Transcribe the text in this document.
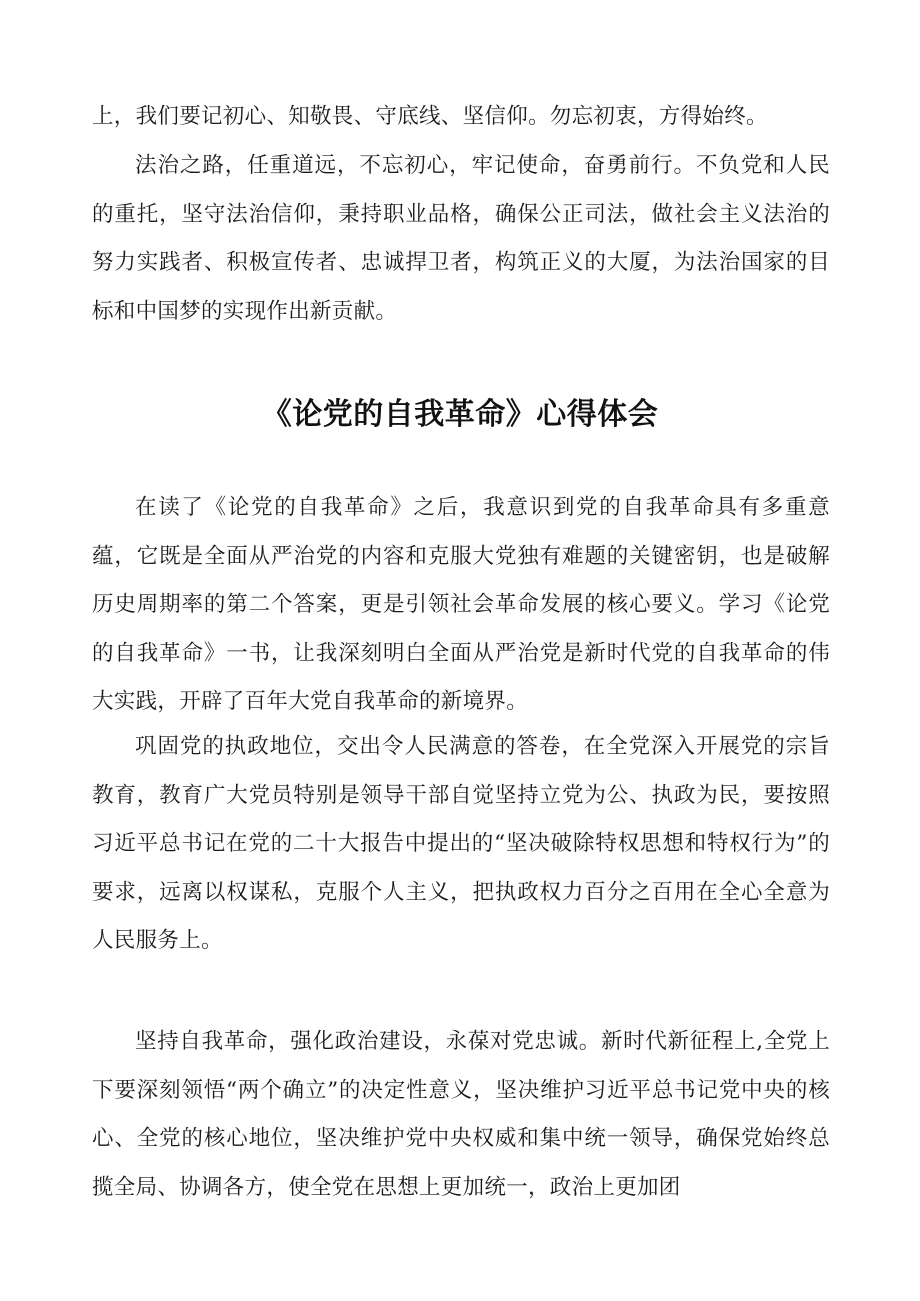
上，我们要记初心、知敬畏、守底线、坚信仰。勿忘初衷，方得始终。

法治之路，任重道远，不忘初心，牢记使命，奋勇前行。不负党和人民的重托，坚守法治信仰，秉持职业品格，确保公正司法，做社会主义法治的努力实践者、积极宣传者、忠诚捍卫者，构筑正义的大厦，为法治国家的目标和中国梦的实现作出新贡献。

《论党的自我革命》心得体会

在读了《论党的自我革命》之后，我意识到党的自我革命具有多重意蕴，它既是全面从严治党的内容和克服大党独有难题的关键密钥，也是破解历史周期率的第二个答案，更是引领社会革命发展的核心要义。学习《论党的自我革命》一书，让我深刻明白全面从严治党是新时代党的自我革命的伟大实践，开辟了百年大党自我革命的新境界。

巩固党的执政地位，交出令人民满意的答卷，在全党深入开展党的宗旨教育，教育广大党员特别是领导干部自觉坚持立党为公、执政为民，要按照习近平总书记在党的二十大报告中提出的“坚决破除特权思想和特权行为”的要求，远离以权谋私，克服个人主义，把执政权力百分之百用在全心全意为人民服务上。

坚持自我革命，强化政治建设，永葆对党忠诚。新时代新征程上,全党上下要深刻领悟“两个确立”的决定性意义，坚决维护习近平总书记党中央的核心、全党的核心地位，坚决维护党中央权威和集中统一领导，确保党始终总揽全局、协调各方，使全党在思想上更加统一，政治上更加团
